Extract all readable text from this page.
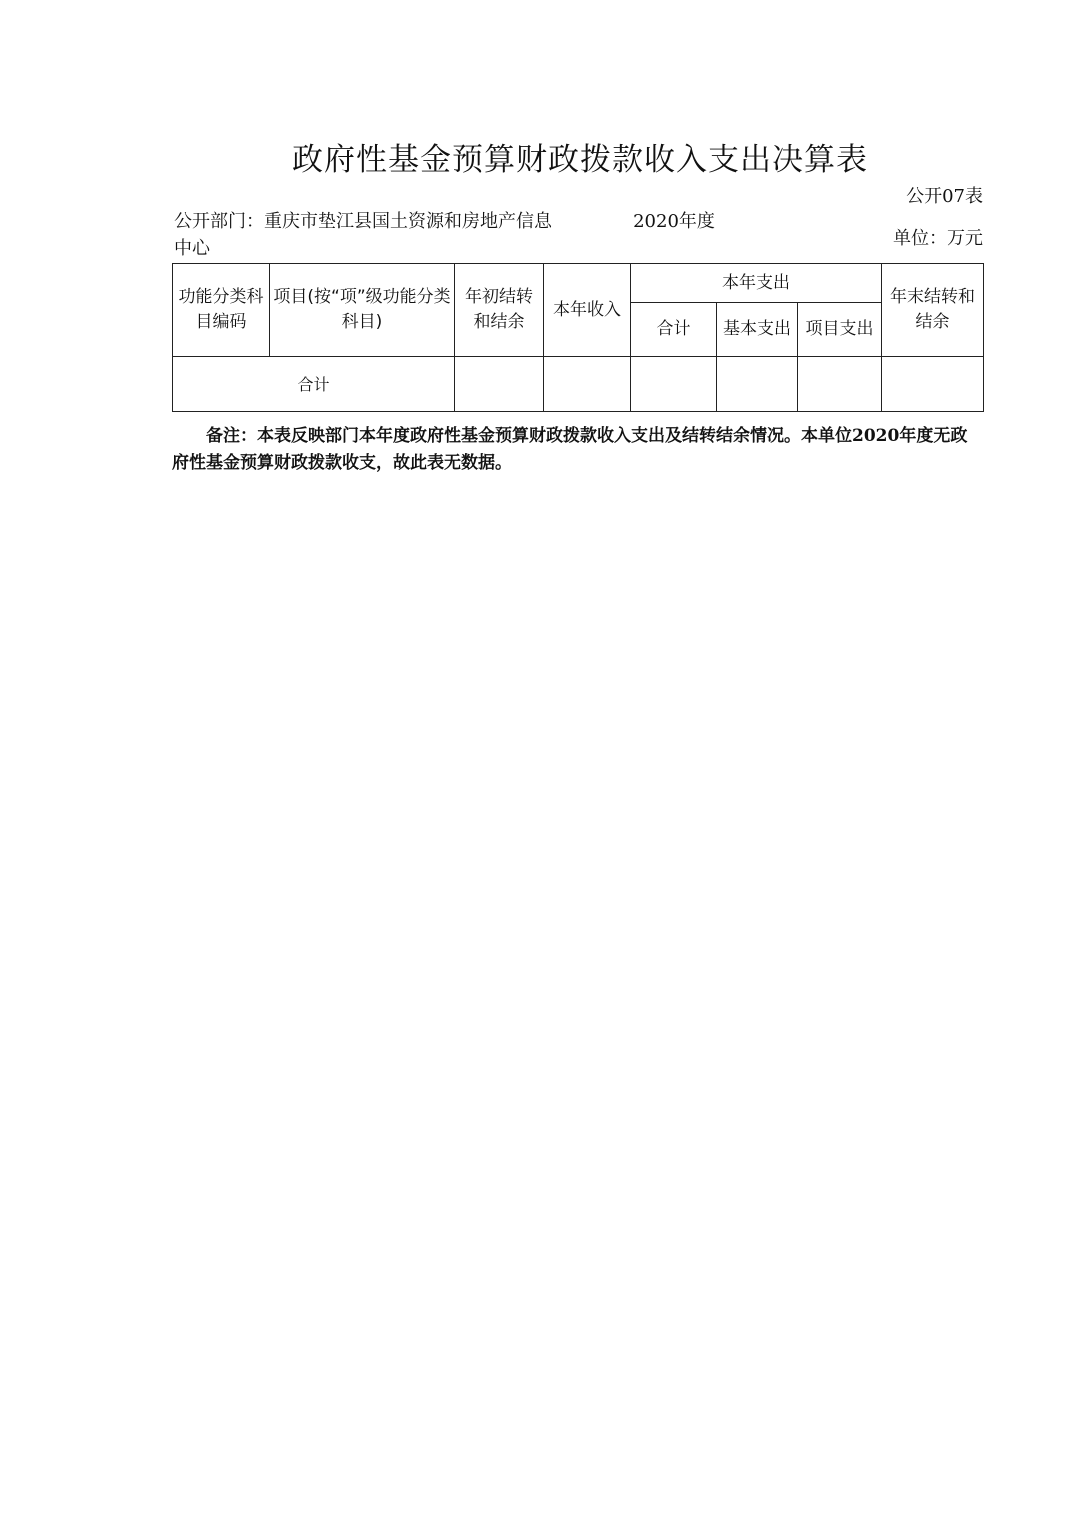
政府性基金预算财政拨款收入支出决算表
公开07表
公开部门：重庆市垫江县国土资源和房地产信息中心
2020年度
单位：万元
功能分类科目编码	项目(按“项”级功能分类科目)	年初结转和结余	本年收入	本年支出			年末结转和结余
				合计	基本支出	项目支出	
合计							
备注：本表反映部门本年度政府性基金预算财政拨款收入支出及结转结余情况。本单位2020年度无政府性基金预算财政拨款收支，故此表无数据。
